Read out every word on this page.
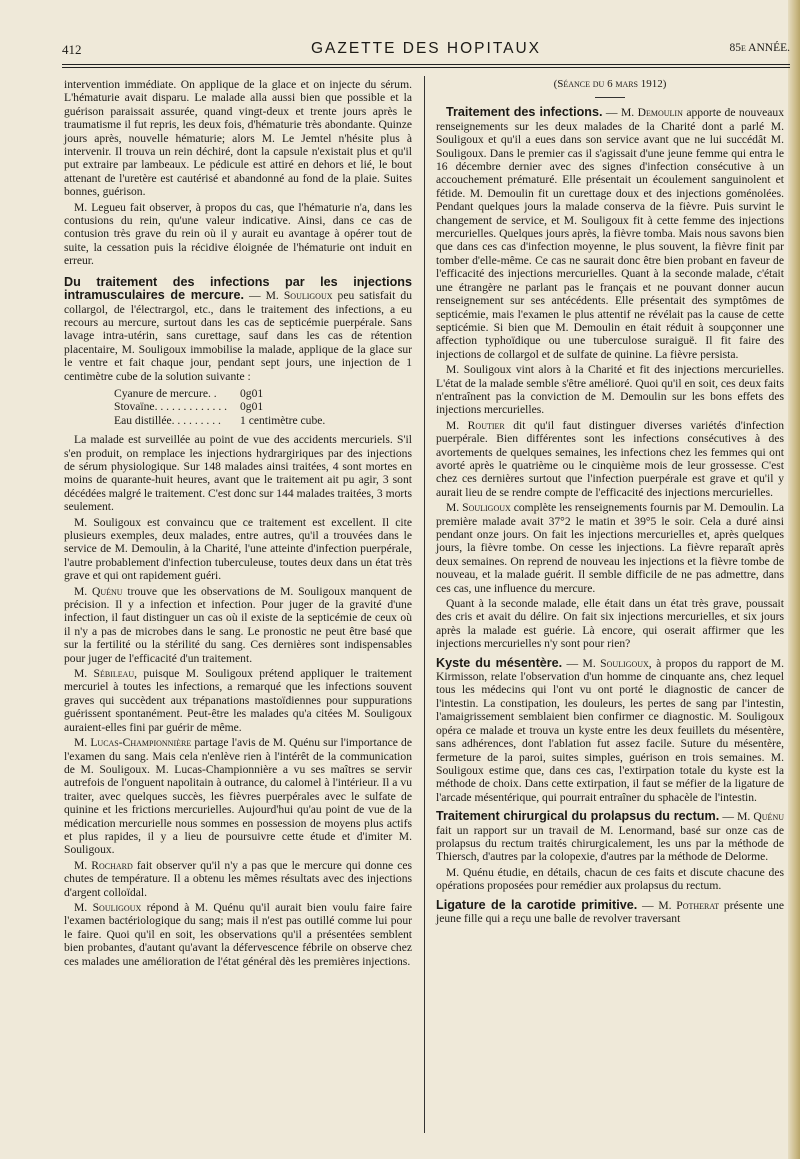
412	GAZETTE DES HOPITAUX	85e ANNÉE.

intervention immédiate. On applique de la glace et on injecte du sérum. L'hématurie avait disparu. Le malade alla aussi bien que possible et la guérison paraissait assurée, quand vingt-deux et trente jours après le traumatisme il fut repris, les deux fois, d'hématurie très abondante. Quinze jours après, nouvelle hématurie; alors M. Le Jemtel n'hésite plus à intervenir. Il trouva un rein déchiré, dont la capsule n'existait plus et qu'il put extraire par lambeaux. Le pédicule est attiré en dehors et lié, le bout attenant de l'uretère est cautérisé et abandonné au fond de la plaie. Suites bonnes, guérison.

M. Legueu fait observer, à propos du cas, que l'hématurie n'a, dans les contusions du rein, qu'une valeur indicative. Ainsi, dans ce cas de contusion très grave du rein où il y aurait eu avantage à opérer tout de suite, la cessation puis la récidive éloignée de l'hématurie ont induit en erreur.

Du traitement des infections par les injections intramusculaires de mercure. — M. Souligoux peu satisfait du collargol, de l'électrargol, etc., dans le traitement des infections, a eu recours au mercure, surtout dans les cas de septicémie puerpérale. Sans lavage intra-utérin, sans curettage, sauf dans les cas de rétention placentaire, M. Souligoux immobilise la malade, applique de la glace sur le ventre et fait chaque jour, pendant sept jours, une injection de 1 centimètre cube de la solution suivante :

Cyanure de mercure. .	0g01
Stovaïne. . . . . . . . . . . . .	0g01
Eau distillée. . . . . . . . .	1 centimètre cube.

La malade est surveillée au point de vue des accidents mercuriels. S'il s'en produit, on remplace les injections hydrargiriques par des injections de sérum physiologique. Sur 148 malades ainsi traitées, 4 sont mortes en moins de quarante-huit heures, avant que le traitement ait pu agir, 3 sont décédées malgré le traitement. C'est donc sur 144 malades traitées, 3 morts seulement.

M. Souligoux est convaincu que ce traitement est excellent. Il cite plusieurs exemples, deux malades, entre autres, qu'il a trouvées dans le service de M. Demoulin, à la Charité, l'une atteinte d'infection puerpérale, l'autre probablement d'infection tuberculeuse, toutes deux dans un état très grave et qui ont rapidement guéri.

M. Quénu trouve que les observations de M. Souligoux manquent de précision. Il y a infection et infection. Pour juger de la gravité d'une infection, il faut distinguer un cas où il existe de la septicémie de ceux où il n'y a pas de microbes dans le sang. Le pronostic ne peut être basé que sur la fertilité ou la stérilité du sang. Ces dernières sont indispensables pour juger de l'efficacité d'un traitement.

M. Sébileau, puisque M. Souligoux prétend appliquer le traitement mercuriel à toutes les infections, a remarqué que les infections souvent graves qui succèdent aux trépanations mastoïdiennes pour suppurations guérissent spontanément. Peut-être les malades qu'a citées M. Souligoux auraient-elles fini par guérir de même.

M. Lucas-Championnière partage l'avis de M. Quénu sur l'importance de l'examen du sang. Mais cela n'enlève rien à l'intérêt de la communication de M. Souligoux. M. Lucas-Championnière a vu ses maîtres se servir autrefois de l'onguent napolitain à outrance, du calomel à l'intérieur. Il a vu traiter, avec quelques succès, les fièvres puerpérales avec le sulfate de quinine et les frictions mercurielles. Aujourd'hui qu'au point de vue de la médication mercurielle nous sommes en possession de moyens plus actifs et plus rapides, il y a lieu de poursuivre cette étude et d'imiter M. Souligoux.

M. Rochard fait observer qu'il n'y a pas que le mercure qui donne ces chutes de température. Il a obtenu les mêmes résultats avec des injections d'argent colloïdal.

M. Souligoux répond à M. Quénu qu'il aurait bien voulu faire faire l'examen bactériologique du sang; mais il n'est pas outillé comme lui pour le faire. Quoi qu'il en soit, les observations qu'il a présentées semblent bien probantes, d'autant qu'avant la défervescence fébrile on observe chez ces malades une amélioration de l'état général dès les premières injections.

(Séance du 6 mars 1912)

Traitement des infections. — M. Demoulin apporte de nouveaux renseignements sur les deux malades de la Charité dont a parlé M. Souligoux et qu'il a eues dans son service avant que ne lui succédât M. Souligoux. Dans le premier cas il s'agissait d'une jeune femme qui entra le 16 décembre dernier avec des signes d'infection consécutive à un accouchement prématuré. Elle présentait un écoulement sanguinolent et fétide. M. Demoulin fit un curettage doux et des injections goménolées. Pendant quelques jours la malade conserva de la fièvre. Puis survint le changement de service, et M. Souligoux fit à cette femme des injections mercurielles. Quelques jours après, la fièvre tomba. Mais nous savons bien que dans ces cas d'infection moyenne, le plus souvent, la fièvre finit par tomber d'elle-même. Ce cas ne saurait donc être bien probant en faveur de l'efficacité des injections mercurielles. Quant à la seconde malade, c'était une étrangère ne parlant pas le français et ne pouvant donner aucun renseignement sur ses antécédents. Elle présentait des symptômes de septicémie, mais l'examen le plus attentif ne révélait pas la cause de cette septicémie. Si bien que M. Demoulin en était réduit à soupçonner une affection typhoïdique ou une tuberculose suraiguë. Il fit faire des injections de collargol et de sulfate de quinine. La fièvre persista.

M. Souligoux vint alors à la Charité et fit des injections mercurielles. L'état de la malade semble s'être amélioré. Quoi qu'il en soit, ces deux faits n'entraînent pas la conviction de M. Demoulin sur les bons effets des injections mercurielles.

M. Routier dit qu'il faut distinguer diverses variétés d'infection puerpérale. Bien différentes sont les infections consécutives à des avortements de quelques semaines, les infections chez les femmes qui ont avorté après le quatrième ou le cinquième mois de leur grossesse. C'est chez ces dernières surtout que l'infection puerpérale est grave et qu'il y aurait lieu de se rendre compte de l'efficacité des injections mercurielles.

M. Souligoux complète les renseignements fournis par M. Demoulin. La première malade avait 37°2 le matin et 39°5 le soir. Cela a duré ainsi pendant onze jours. On fait les injections mercurielles et, après quelques jours, la fièvre tombe. On cesse les injections. La fièvre reparaît après deux semaines. On reprend de nouveau les injections et la fièvre tombe de nouveau, et la malade guérit. Il semble difficile de ne pas admettre, dans ces cas, une influence du mercure.

Quant à la seconde malade, elle était dans un état très grave, poussait des cris et avait du délire. On fait six injections mercurielles, et six jours après la malade est guérie. Là encore, qui oserait affirmer que les injections mercurielles n'y sont pour rien?

Kyste du mésentère. — M. Souligoux, à propos du rapport de M. Kirmisson, relate l'observation d'un homme de cinquante ans, chez lequel tous les médecins qui l'ont vu ont porté le diagnostic de cancer de l'intestin. La constipation, les douleurs, les pertes de sang par l'intestin, l'amaigrissement semblaient bien confirmer ce diagnostic. M. Souligoux opéra ce malade et trouva un kyste entre les deux feuillets du mésentère, sans adhérences, dont l'ablation fut assez facile. Suture du mésentère, fermeture de la paroi, suites simples, guérison en trois semaines. M. Souligoux estime que, dans ces cas, l'extirpation totale du kyste est la méthode de choix. Dans cette extirpation, il faut se méfier de la ligature de l'arcade mésentérique, qui pourrait entraîner du sphacèle de l'intestin.

Traitement chirurgical du prolapsus du rectum. — M. Quénu fait un rapport sur un travail de M. Lenormand, basé sur onze cas de prolapsus du rectum traités chirurgicalement, les uns par la méthode de Thiersch, d'autres par la colopexie, d'autres par la méthode de Delorme.

M. Quénu étudie, en détails, chacun de ces faits et discute chacune des opérations proposées pour remédier aux prolapsus du rectum.

Ligature de la carotide primitive. — M. Potherat présente une jeune fille qui a reçu une balle de revolver traversant
